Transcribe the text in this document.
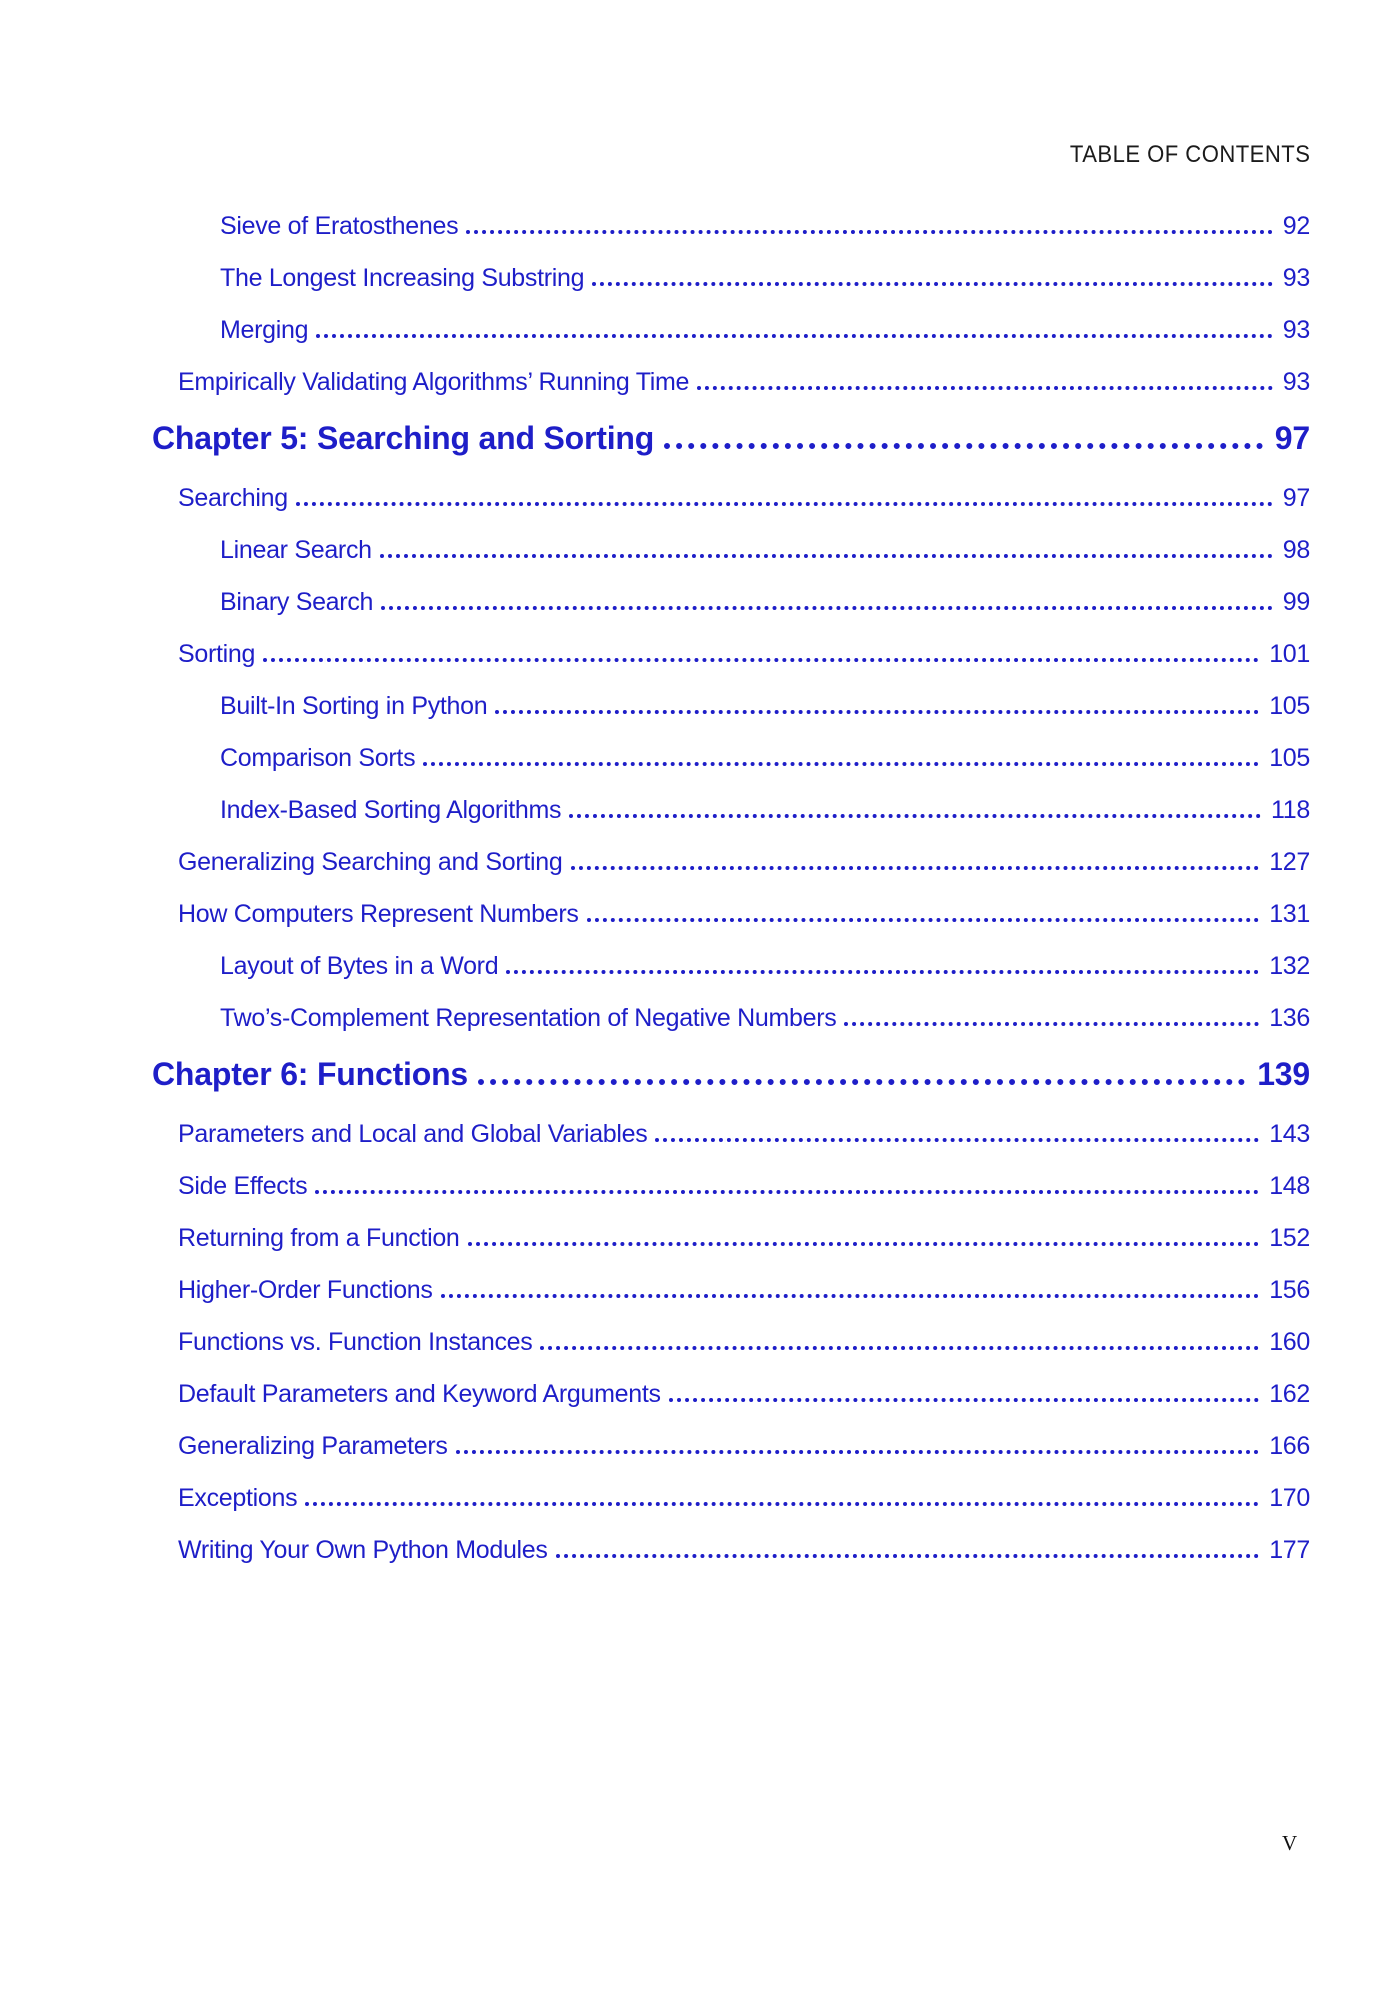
TABLE OF CONTENTS
Sieve of Eratosthenes	92
The Longest Increasing Substring	93
Merging	93
Empirically Validating Algorithms’ Running Time	93
Chapter 5: Searching and Sorting	97
Searching	97
Linear Search	98
Binary Search	99
Sorting	101
Built-In Sorting in Python	105
Comparison Sorts	105
Index-Based Sorting Algorithms	118
Generalizing Searching and Sorting	127
How Computers Represent Numbers	131
Layout of Bytes in a Word	132
Two’s-Complement Representation of Negative Numbers	136
Chapter 6: Functions	139
Parameters and Local and Global Variables	143
Side Effects	148
Returning from a Function	152
Higher-Order Functions	156
Functions vs. Function Instances	160
Default Parameters and Keyword Arguments	162
Generalizing Parameters	166
Exceptions	170
Writing Your Own Python Modules	177
v
